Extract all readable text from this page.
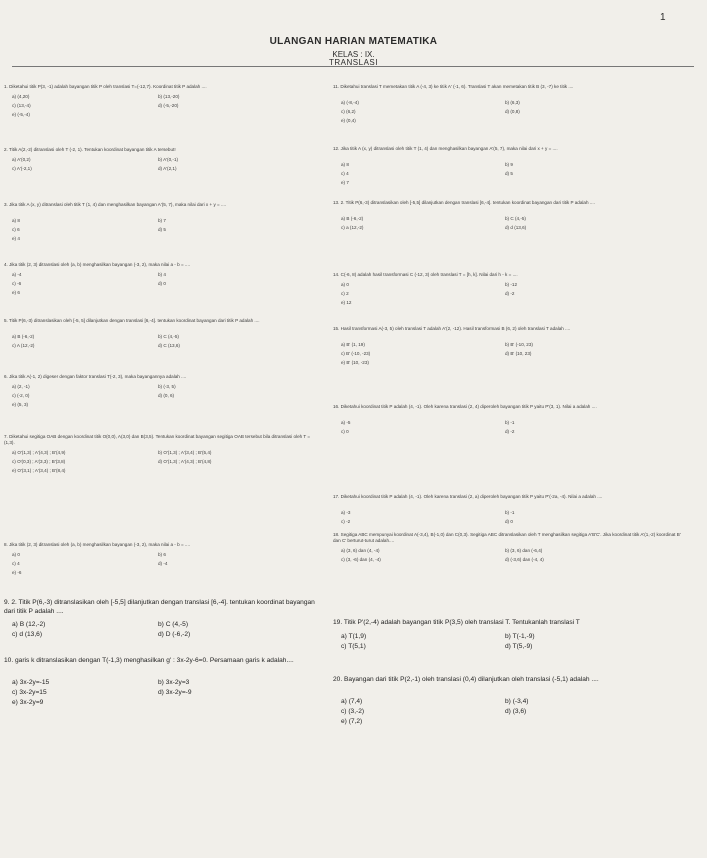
1
ULANGAN HARIAN MATEMATIKA
KELAS : IX.
TRANSLASI
1. Diketahui titik P(3, -1) adalah bayangan titik P oleh translasi T=(-12,7). Koordinat titik P adalah ....
a) (4,20)	b) (13,-20)
c) (13,-4)	d) (-5,-20)
e) (-5,-4)
2. Titik A(2,-2) ditranslasi oleh T (-2, 1). Tentukan koordinat bayangan titik A tersebut!
a) A'(0,2)	b) A'(0,-1)
c) A'(-2,1)	d) A'(2,1)
3. Jika titik A (x, y) ditranslasi oleh titik T (1, 4) dan menghasilkan bayangan A'(5, 7), maka nilai dari x + y = ....
a) 8	b) 7
c) 6	d) 5
e) 4
4. Jika titik (2, 3) ditranslasi oleh (a, b) menghasilkan bayangan (-3, 2), maka nilai a - b = ....
a) -4	b) 4
c) -6	d) 0
e) 6
5. Titik P(6,-3) ditranslasikan oleh [-5, 5] dilanjutkan dengan translasi [6,-4]. tentukan koordinat bayangan dari titik P adalah ....
a) B (-6,-2)	b) C (4,-5)
c) A (12,-2)	d) C (13,6)
6. Jika titik A(-1, 2) digeser dengan faktor translasi T(-2, 3), maka bayangannya adalah ....
a) (2, -1)	b) (-3, 5)
c) (-2, 0)	d) (0, 6)
e) (5, 3)
7. Diketahui segitiga OAB dengan koordinat titik O(0,0), A(3,0) dan B(3,5). Tentukan koordinat bayangan segitiga OAB tersebut bila ditranslasi oleh T = (1,3).
a) O'(1,3) ; A'(4,3) ; B'(4,9)	b) O'(1,3) ; A'(3,4) ; B'(5,4)
c) O'(0,3) ; A'(3,3) ; B'(3,8)	d) O'(1,3) ; A'(4,3) ; B'(4,8)
e) O'(3,1) ; A'(3,4) ; B'(8,4)
8. Jika titik (2, 3) ditranslasi oleh (a, b) menghasilkan bayangan (-3, 2), maka nilai a - b = ....
a) 0	b) 6
c) 4	d) -4
e) -6
9. 2. Titik P(6,-3) ditranslasikan oleh [-5,5] dilanjutkan dengan translasi [6,-4]. tentukan koordinat bayangan dari titik P adalah ....
a) B (12,-2)	b) C (4,-5)
c) d (13,6)	d) D (-6,-2)
10. garis k ditranslasikan dengan T(-1,3) menghasilkan g' : 3x-2y-6=0. Persamaan garis k adalah....
a) 3x-2y=-15	b) 3x-2y=3
c) 3x-2y=15	d) 3x-2y=-9
e) 3x-2y=9
11. Diketahui translasi T memetakan titik A (-4, 3) ke titik A' (-1, 6). Translasi T akan memetakan titik B (3, -7) ke titik ....
a) (-8,-4)	b) (6,3)
c) (6,2)	d) (0,8)
e) (0,4)
12. Jika titik A (x, y) ditranslasi oleh titik T (1, 4) dan menghasilkan bayangan A'(5, 7), maka nilai dari x + y = ....
a) 8	b) 9
c) 4	d) 5
e) 7
13. 2. Titik P(6,-3) ditranslasikan oleh [-5,5] dilanjutkan dengan translasi [6,-4]. tentukan koordinat bayangan dari titik P adalah ....
a) B (-6,-2)	b) C (4,-5)
c) a (12,-2)	d) d (13,6)
14. C(-6, 8) adalah hasil transformasi C (-12, 3) oleh translasi T = [h, k]. Nilai dari h - k = ....
a) 0	b) -12
c) 2	d) -2
e) 12
15. Hasil transformasi A(-3, 5) oleh translasi T adalah A'(2, -12). Hasil transformasi B (6, 2) oleh translasi T adalah ....
a) B' (1, 19)	b) B' (-10, 23)
c) B' (-10, -23)	d) B' (10, 23)
e) B' (10, -23)
16. Diketahui koordinat titik P adalah (4, -1). Oleh karena translasi (2, 4) diperoleh bayangan titik P yaitu P'(3, 1). Nilai a adalah ....
a) -5	b) -1
c) 0	d) -2
17. Diketahui koordinat titik P adalah (4, -1). Oleh karena translasi (2, a) diperoleh bayangan titik P yaitu P'(-2a, -4). Nilai a adalah ....
a) -3	b) -1
c) -2	d) 0
18. Segitiga ABC mempunyai koordinat A(-3,4), B(-1,0) dan C(0,3). Segitiga ABC ditranslasikan oleh T menghasilkan segitiga A'B'C'. Jika koordinat titik A'(1,-2) koordinat B' dan C' berturut-turut adalah....
a) (3, 6) dan (4, -4)	b) (3, 6) dan (-6,4)
c) (3, -6) dan (4, -4)	d) (-3,6) dan (-4, 4)
19. Titik P'(2,-4) adalah bayangan titik P(3,5) oleh translasi T. Tentukanlah translasi T
a) T(1,9)	b) T(-1,-9)
c) T(5,1)	d) T(5,-9)
20. Bayangan dari titik P(2,-1) oleh translasi (0,4) dilanjutkan oleh translasi (-5,1) adalah ....
a) (7,4)	b) (-3,4)
c) (3,-2)	d) (3,6)
e) (7,2)
